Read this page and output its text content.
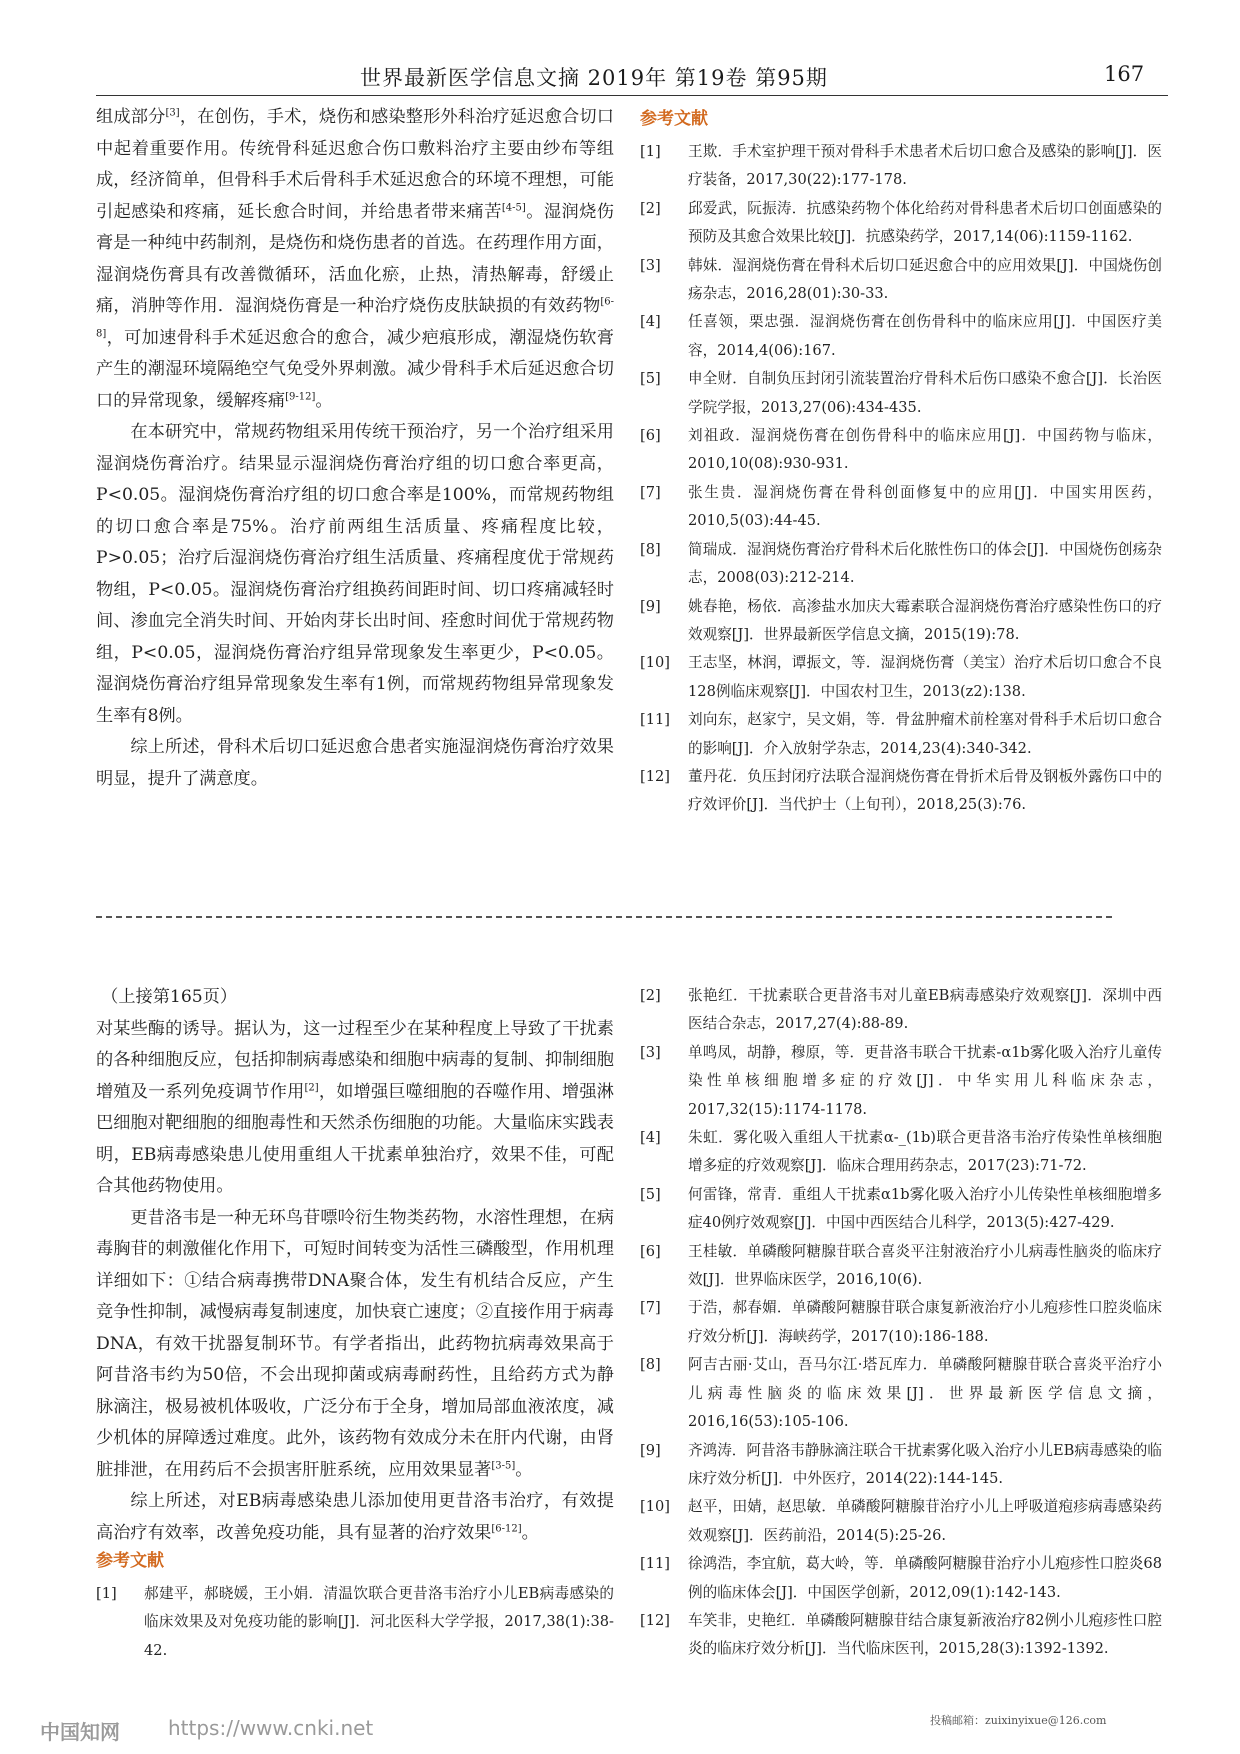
世界最新医学信息文摘 2019年 第19卷 第95期	167

组成部分[3]，在创伤，手术，烧伤和感染整形外科治疗延迟愈合切口中起着重要作用。传统骨科延迟愈合伤口敷料治疗主要由纱布等组成，经济简单，但骨科手术后骨科手术延迟愈合的环境不理想，可能引起感染和疼痛，延长愈合时间，并给患者带来痛苦[4-5]。湿润烧伤膏是一种纯中药制剂，是烧伤和烧伤患者的首选。在药理作用方面，湿润烧伤膏具有改善微循环，活血化瘀，止热，清热解毒，舒缓止痛，消肿等作用．湿润烧伤膏是一种治疗烧伤皮肤缺损的有效药物[6-8]，可加速骨科手术延迟愈合的愈合，减少疤痕形成，潮湿烧伤软膏产生的潮湿环境隔绝空气免受外界刺激。减少骨科手术后延迟愈合切口的异常现象，缓解疼痛[9-12]。

在本研究中，常规药物组采用传统干预治疗，另一个治疗组采用湿润烧伤膏治疗。结果显示湿润烧伤膏治疗组的切口愈合率更高，P<0.05。湿润烧伤膏治疗组的切口愈合率是100%，而常规药物组的切口愈合率是75%。治疗前两组生活质量、疼痛程度比较，P>0.05；治疗后湿润烧伤膏治疗组生活质量、疼痛程度优于常规药物组，P<0.05。湿润烧伤膏治疗组换药间距时间、切口疼痛减轻时间、渗血完全消失时间、开始肉芽长出时间、痊愈时间优于常规药物组，P<0.05，湿润烧伤膏治疗组异常现象发生率更少，P<0.05。湿润烧伤膏治疗组异常现象发生率有1例，而常规药物组异常现象发生率有8例。

综上所述，骨科术后切口延迟愈合患者实施湿润烧伤膏治疗效果明显，提升了满意度。

参考文献
[1] 王欺．手术室护理干预对骨科手术患者术后切口愈合及感染的影响[J]．医疗装备，2017,30(22):177-178.
[2] 邱爱武，阮振涛．抗感染药物个体化给药对骨科患者术后切口创面感染的预防及其愈合效果比较[J]．抗感染药学，2017,14(06):1159-1162.
[3] 韩妹．湿润烧伤膏在骨科术后切口延迟愈合中的应用效果[J]．中国烧伤创疡杂志，2016,28(01):30-33.
[4] 任喜领，栗忠强．湿润烧伤膏在创伤骨科中的临床应用[J]．中国医疗美容，2014,4(06):167.
[5] 申全财．自制负压封闭引流装置治疗骨科术后伤口感染不愈合[J]．长治医学院学报，2013,27(06):434-435.
[6] 刘祖政．湿润烧伤膏在创伤骨科中的临床应用[J]．中国药物与临床，2010,10(08):930-931.
[7] 张生贵．湿润烧伤膏在骨科创面修复中的应用[J]．中国实用医药，2010,5(03):44-45.
[8] 简瑞成．湿润烧伤膏治疗骨科术后化脓性伤口的体会[J]．中国烧伤创疡杂志，2008(03):212-214.
[9] 姚春艳，杨依．高渗盐水加庆大霉素联合湿润烧伤膏治疗感染性伤口的疗效观察[J]．世界最新医学信息文摘，2015(19):78.
[10] 王志坚，林润，谭振文，等．湿润烧伤膏（美宝）治疗术后切口愈合不良128例临床观察[J]．中国农村卫生，2013(z2):138.
[11] 刘向东，赵家宁，吴文娟，等．骨盆肿瘤术前栓塞对骨科手术后切口愈合的影响[J]．介入放射学杂志，2014,23(4):340-342.
[12] 董丹花．负压封闭疗法联合湿润烧伤膏在骨折术后骨及钢板外露伤口中的疗效评价[J]．当代护士（上旬刊），2018,25(3):76.

（上接第165页）

对某些酶的诱导。据认为，这一过程至少在某种程度上导致了干扰素的各种细胞反应，包括抑制病毒感染和细胞中病毒的复制、抑制细胞增殖及一系列免疫调节作用[2]，如增强巨噬细胞的吞噬作用、增强淋巴细胞对靶细胞的细胞毒性和天然杀伤细胞的功能。大量临床实践表明，EB病毒感染患儿使用重组人干扰素单独治疗，效果不佳，可配合其他药物使用。

更昔洛韦是一种无环鸟苷嘌呤衍生物类药物，水溶性理想，在病毒胸苷的刺激催化作用下，可短时间转变为活性三磷酸型，作用机理详细如下：①结合病毒携带DNA聚合体，发生有机结合反应，产生竞争性抑制，减慢病毒复制速度，加快衰亡速度；②直接作用于病毒DNA，有效干扰器复制环节。有学者指出，此药物抗病毒效果高于阿昔洛韦约为50倍，不会出现抑菌或病毒耐药性，且给药方式为静脉滴注，极易被机体吸收，广泛分布于全身，增加局部血液浓度，减少机体的屏障透过难度。此外，该药物有效成分未在肝内代谢，由肾脏排泄，在用药后不会损害肝脏系统，应用效果显著[3-5]。

综上所述，对EB病毒感染患儿添加使用更昔洛韦治疗，有效提高治疗有效率，改善免疫功能，具有显著的治疗效果[6-12]。

参考文献
[1] 郝建平，郝晓媛，王小娟．清温饮联合更昔洛韦治疗小儿EB病毒感染的临床效果及对免疫功能的影响[J]．河北医科大学学报，2017,38(1):38-42.
[2] 张艳红．干扰素联合更昔洛韦对儿童EB病毒感染疗效观察[J]．深圳中西医结合杂志，2017,27(4):88-89.
[3] 单鸣凤，胡静，穆原，等．更昔洛韦联合干扰素-α1b雾化吸入治疗儿童传染性单核细胞增多症的疗效[J]．中华实用儿科临床杂志，2017,32(15):1174-1178.
[4] 朱虹．雾化吸入重组人干扰素α-_(1b)联合更昔洛韦治疗传染性单核细胞增多症的疗效观察[J]．临床合理用药杂志，2017(23):71-72.
[5] 何雷锋，常青．重组人干扰素α1b雾化吸入治疗小儿传染性单核细胞增多症40例疗效观察[J]．中国中西医结合儿科学，2013(5):427-429.
[6] 王桂敏．单磷酸阿糖腺苷联合喜炎平注射液治疗小儿病毒性脑炎的临床疗效[J]．世界临床医学，2016,10(6).
[7] 于浩，郝春媚．单磷酸阿糖腺苷联合康复新液治疗小儿疱疹性口腔炎临床疗效分析[J]．海峡药学，2017(10):186-188.
[8] 阿吉古丽·艾山，吾马尔江·塔瓦库力．单磷酸阿糖腺苷联合喜炎平治疗小儿病毒性脑炎的临床效果[J]．世界最新医学信息文摘，2016,16(53):105-106.
[9] 齐鸿涛．阿昔洛韦静脉滴注联合干扰素雾化吸入治疗小儿EB病毒感染的临床疗效分析[J]．中外医疗，2014(22):144-145.
[10] 赵平，田婧，赵思敏．单磷酸阿糖腺苷治疗小儿上呼吸道疱疹病毒感染药效观察[J]．医药前沿，2014(5):25-26.
[11] 徐鸿浩，李宜航，葛大岭，等．单磷酸阿糖腺苷治疗小儿疱疹性口腔炎68例的临床体会[J]．中国医学创新，2012,09(1):142-143.
[12] 车笑非，史艳红．单磷酸阿糖腺苷结合康复新液治疗82例小儿疱疹性口腔炎的临床疗效分析[J]．当代临床医刊，2015,28(3):1392-1392.
投稿邮箱：zuixinyixue@126.com
中国知网 https://www.cnki.net
